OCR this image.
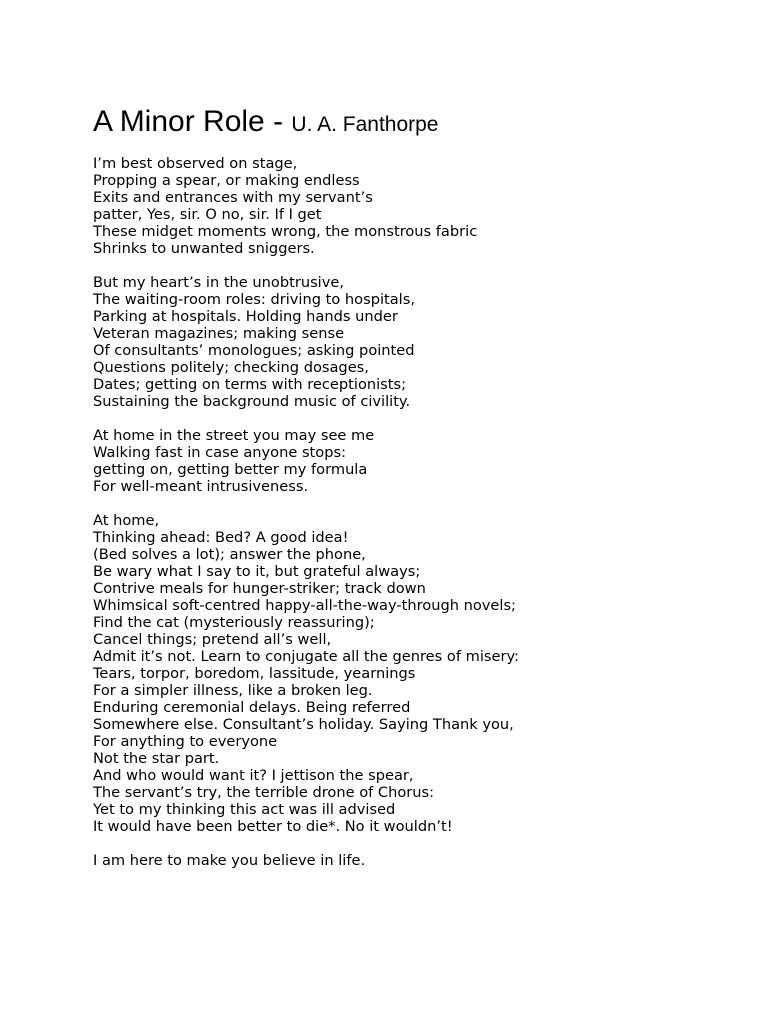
A Minor Role - U. A. Fanthorpe
I’m best observed on stage,
Propping a spear, or making endless
Exits and entrances with my servant’s
patter, Yes, sir. O no, sir. If I get
These midget moments wrong, the monstrous fabric
Shrinks to unwanted sniggers.
But my heart’s in the unobtrusive,
The waiting-room roles: driving to hospitals,
Parking at hospitals. Holding hands under
Veteran magazines; making sense
Of consultants’ monologues; asking pointed
Questions politely; checking dosages,
Dates; getting on terms with receptionists;
Sustaining the background music of civility.
At home in the street you may see me
Walking fast in case anyone stops:
getting on, getting better my formula
For well-meant intrusiveness.
At home,
Thinking ahead: Bed? A good idea!
(Bed solves a lot); answer the phone,
Be wary what I say to it, but grateful always;
Contrive meals for hunger-striker; track down
Whimsical soft-centred happy-all-the-way-through novels;
Find the cat (mysteriously reassuring);
Cancel things; pretend all’s well,
Admit it’s not. Learn to conjugate all the genres of misery:
Tears, torpor, boredom, lassitude, yearnings
For a simpler illness, like a broken leg.
Enduring ceremonial delays. Being referred
Somewhere else. Consultant’s holiday. Saying Thank you,
For anything to everyone
Not the star part.
And who would want it? I jettison the spear,
The servant’s try, the terrible drone of Chorus:
Yet to my thinking this act was ill advised
It would have been better to die*. No it wouldn’t!
I am here to make you believe in life.
